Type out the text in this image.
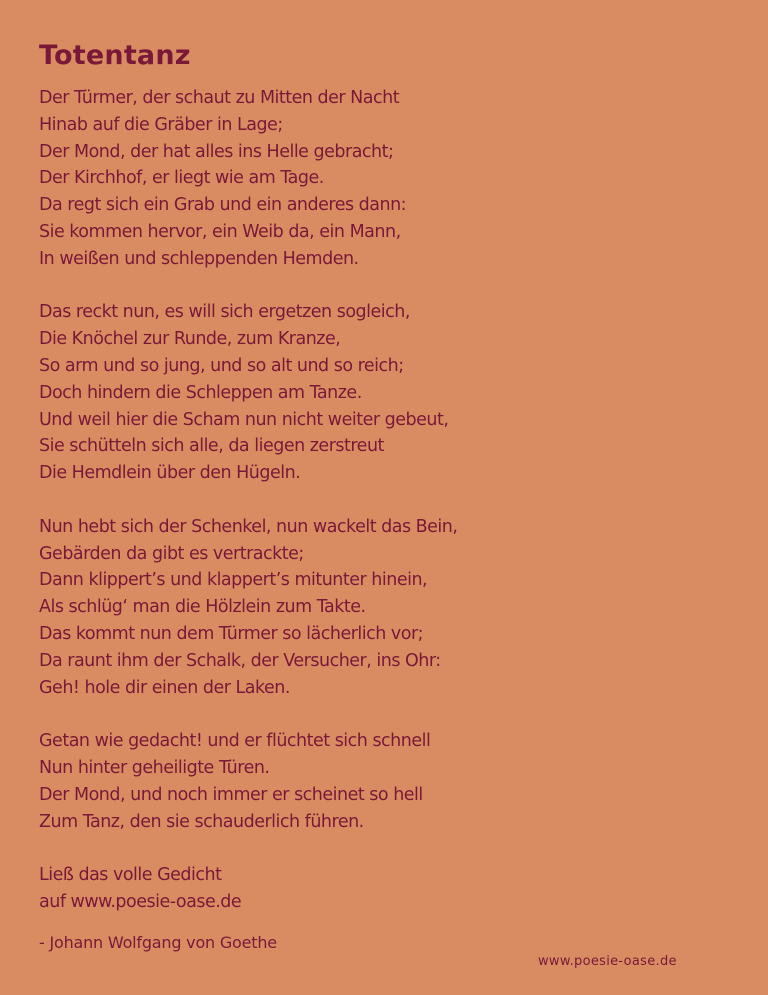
Totentanz
Der Türmer, der schaut zu Mitten der Nacht
Hinab auf die Gräber in Lage;
Der Mond, der hat alles ins Helle gebracht;
Der Kirchhof, er liegt wie am Tage.
Da regt sich ein Grab und ein anderes dann:
Sie kommen hervor, ein Weib da, ein Mann,
In weißen und schleppenden Hemden.
Das reckt nun, es will sich ergetzen sogleich,
Die Knöchel zur Runde, zum Kranze,
So arm und so jung, und so alt und so reich;
Doch hindern die Schleppen am Tanze.
Und weil hier die Scham nun nicht weiter gebeut,
Sie schütteln sich alle, da liegen zerstreut
Die Hemdlein über den Hügeln.
Nun hebt sich der Schenkel, nun wackelt das Bein,
Gebärden da gibt es vertrackte;
Dann klippert’s und klappert’s mitunter hinein,
Als schlüg‘ man die Hölzlein zum Takte.
Das kommt nun dem Türmer so lächerlich vor;
Da raunt ihm der Schalk, der Versucher, ins Ohr:
Geh! hole dir einen der Laken.
Getan wie gedacht! und er flüchtet sich schnell
Nun hinter geheiligte Türen.
Der Mond, und noch immer er scheinet so hell
Zum Tanz, den sie schauderlich führen.
Ließ das volle Gedicht
auf www.poesie-oase.de
- Johann Wolfgang von Goethe
www.poesie-oase.de
